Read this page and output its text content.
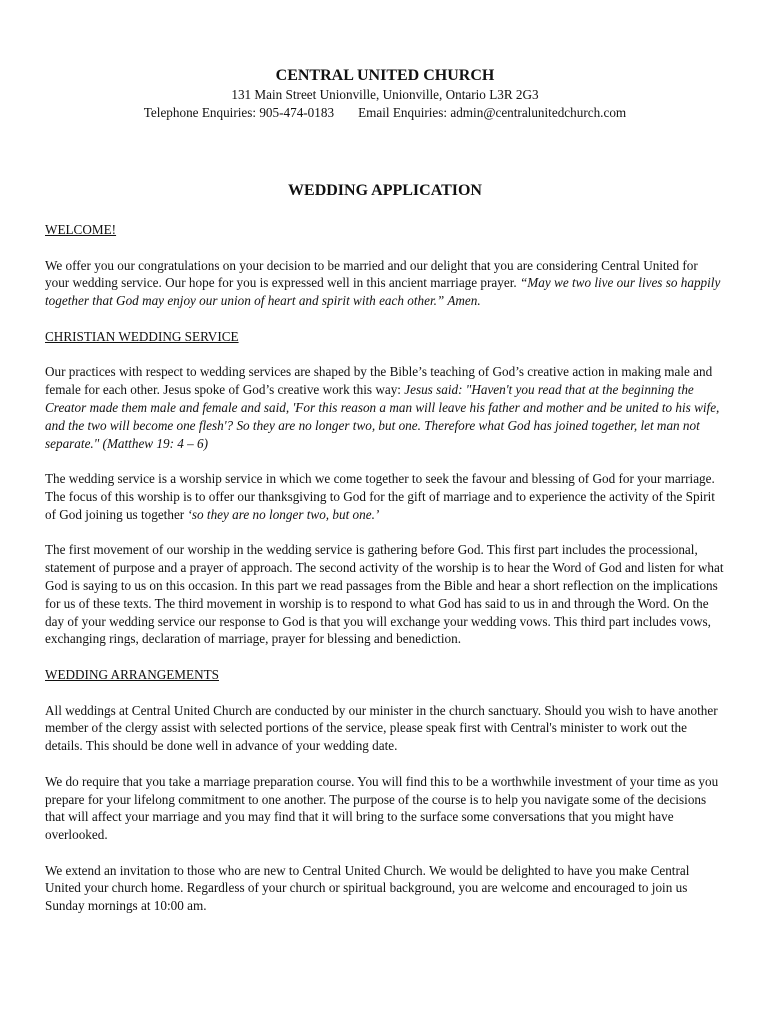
CENTRAL UNITED CHURCH
131 Main Street Unionville, Unionville, Ontario L3R 2G3
Telephone Enquiries: 905-474-0183 Email Enquiries: admin@centralunitedchurch.com
WEDDING APPLICATION

WELCOME!

We offer you our congratulations on your decision to be married and our delight that you are considering Central United for your wedding service. Our hope for you is expressed well in this ancient marriage prayer. “May we two live our lives so happily together that God may enjoy our union of heart and spirit with each other.” Amen.

CHRISTIAN WEDDING SERVICE

Our practices with respect to wedding services are shaped by the Bible’s teaching of God’s creative action in making male and female for each other. Jesus spoke of God’s creative work this way: Jesus said: "Haven't you read that at the beginning the Creator made them male and female and said, 'For this reason a man will leave his father and mother and be united to his wife, and the two will become one flesh'? So they are no longer two, but one. Therefore what God has joined together, let man not separate." (Matthew 19: 4 – 6)

The wedding service is a worship service in which we come together to seek the favour and blessing of God for your marriage. The focus of this worship is to offer our thanksgiving to God for the gift of marriage and to experience the activity of the Spirit of God joining us together ‘so they are no longer two, but one.’

The first movement of our worship in the wedding service is gathering before God. This first part includes the processional, statement of purpose and a prayer of approach. The second activity of the worship is to hear the Word of God and listen for what God is saying to us on this occasion. In this part we read passages from the Bible and hear a short reflection on the implications for us of these texts. The third movement in worship is to respond to what God has said to us in and through the Word. On the day of your wedding service our response to God is that you will exchange your wedding vows. This third part includes vows, exchanging rings, declaration of marriage, prayer for blessing and benediction.

WEDDING ARRANGEMENTS

All weddings at Central United Church are conducted by our minister in the church sanctuary. Should you wish to have another member of the clergy assist with selected portions of the service, please speak first with Central's minister to work out the details. This should be done well in advance of your wedding date.

We do require that you take a marriage preparation course. You will find this to be a worthwhile investment of your time as you prepare for your lifelong commitment to one another. The purpose of the course is to help you navigate some of the decisions that will affect your marriage and you may find that it will bring to the surface some conversations that you might have overlooked.

We extend an invitation to those who are new to Central United Church. We would be delighted to have you make Central United your church home. Regardless of your church or spiritual background, you are welcome and encouraged to join us Sunday mornings at 10:00 am.
